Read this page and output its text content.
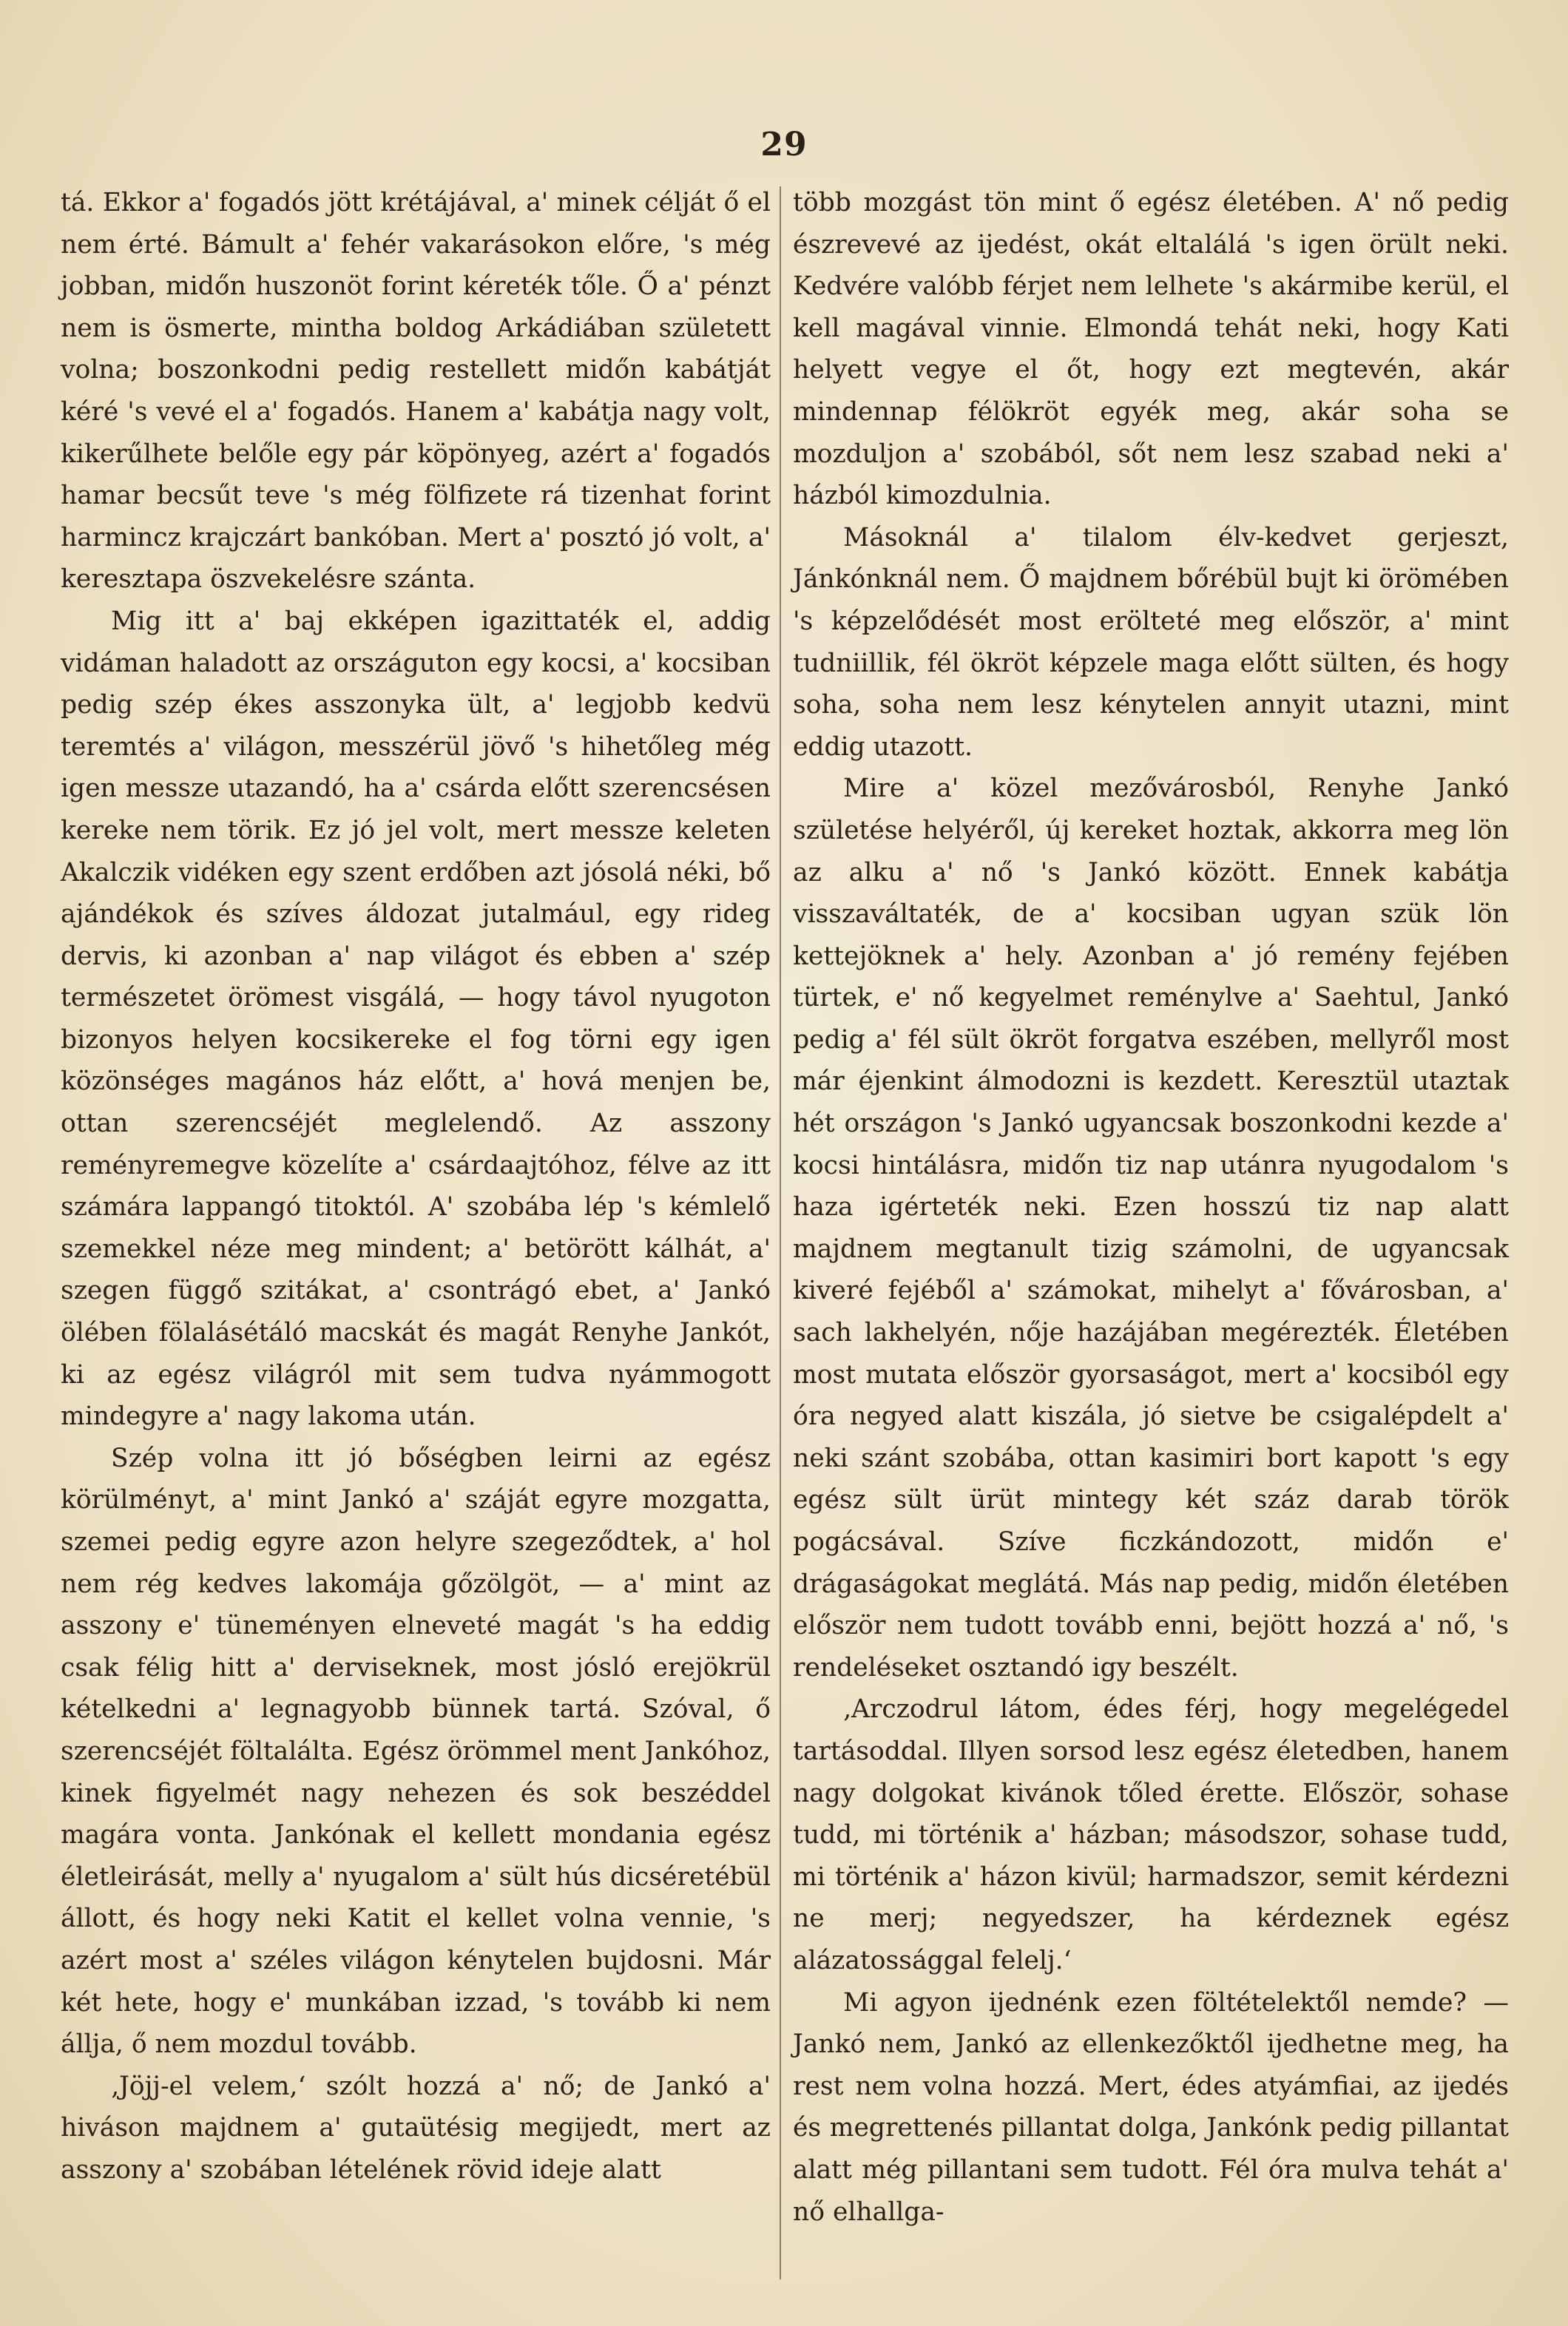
29

tá. Ekkor a' fogadós jött krétájával, a' minek célját ő el nem érté. Bámult a' fehér vakarásokon előre, 's még jobban, midőn huszonöt forint kéreték tőle. Ő a' pénzt nem is ösmerte, mintha boldog Arkádiában született volna; boszonkodni pedig restellett midőn kabátját kéré 's vevé el a' fogadós. Hanem a' kabátja nagy volt, kikerűlhete belőle egy pár köpönyeg, azért a' fogadós hamar becsűt teve 's még fölfizete rá tizenhat forint harmincz krajczárt bankóban. Mert a' posztó jó volt, a' keresztapa öszvekelésre szánta.

Mig itt a' baj ekképen igazittaték el, addig vidáman haladott az országuton egy kocsi, a' kocsiban pedig szép ékes asszonyka ült, a' legjobb kedvü teremtés a' világon, messzérül jövő 's hihetőleg még igen messze utazandó, ha a' csárda előtt szerencsésen kereke nem törik. Ez jó jel volt, mert messze keleten Akalczik vidéken egy szent erdőben azt jósolá néki, bő ajándékok és szíves áldozat jutalmául, egy rideg dervis, ki azonban a' nap világot és ebben a' szép természetet örömest visgálá, — hogy távol nyugoton bizonyos helyen kocsikereke el fog törni egy igen közönséges magános ház előtt, a' hová menjen be, ottan szerencséjét meglelendő. Az asszony reményremegve közelíte a' csárdaajtóhoz, félve az itt számára lappangó titoktól. A' szobába lép 's kémlelő szemekkel néze meg mindent; a' betörött kálhát, a' szegen függő szitákat, a' csontrágó ebet, a' Jankó ölében fölalásétáló macskát és magát Renyhe Jankót, ki az egész világról mit sem tudva nyámmogott mindegyre a' nagy lakoma után.

Szép volna itt jó bőségben leirni az egész körülményt, a' mint Jankó a' száját egyre mozgatta, szemei pedig egyre azon helyre szegeződtek, a' hol nem rég kedves lakomája gőzölgöt, — a' mint az asszony e' tüneményen elneveté magát 's ha eddig csak félig hitt a' derviseknek, most jósló erejökrül kételkedni a' legnagyobb bünnek tartá. Szóval, ő szerencséjét föltalálta. Egész örömmel ment Jankóhoz, kinek figyelmét nagy nehezen és sok beszéddel magára vonta. Jankónak el kellett mondania egész életleirását, melly a' nyugalom a' sült hús dicséretébül állott, és hogy neki Katit el kellet volna vennie, 's azért most a' széles világon kénytelen bujdosni. Már két hete, hogy e' munkában izzad, 's tovább ki nem állja, ő nem mozdul tovább.

‚Jöjj-el velem,‘ szólt hozzá a' nő; de Jankó a' hiváson majdnem a' gutaütésig megijedt, mert az asszony a' szobában lételének rövid ideje alatt

több mozgást tön mint ő egész életében. A' nő pedig észrevevé az ijedést, okát eltalálá 's igen örült neki. Kedvére valóbb férjet nem lelhete 's akármibe kerül, el kell magával vinnie. Elmondá tehát neki, hogy Kati helyett vegye el őt, hogy ezt megtevén, akár mindennap félökröt egyék meg, akár soha se mozduljon a' szobából, sőt nem lesz szabad neki a' házból kimozdulnia.

Másoknál a' tilalom élv-kedvet gerjeszt, Jánkónknál nem. Ő majdnem bőrébül bujt ki örömében 's képzelődését most erölteté meg először, a' mint tudniillik, fél ökröt képzele maga előtt sülten, és hogy soha, soha nem lesz kénytelen annyit utazni, mint eddig utazott.

Mire a' közel mezővárosból, Renyhe Jankó születése helyéről, új kereket hoztak, akkorra meg lön az alku a' nő 's Jankó között. Ennek kabátja visszaváltaték, de a' kocsiban ugyan szük lön kettejöknek a' hely. Azonban a' jó remény fejében türtek, e' nő kegyelmet reménylve a' Saehtul, Jankó pedig a' fél sült ökröt forgatva eszében, mellyről most már éjenkint álmodozni is kezdett. Keresztül utaztak hét országon 's Jankó ugyancsak boszonkodni kezde a' kocsi hintálásra, midőn tiz nap utánra nyugodalom 's haza igérteték neki. Ezen hosszú tiz nap alatt majdnem megtanult tizig számolni, de ugyancsak kiveré fejéből a' számokat, mihelyt a' fővárosban, a' sach lakhelyén, nője hazájában megérezték. Életében most mutata először gyorsaságot, mert a' kocsiból egy óra negyed alatt kiszála, jó sietve be csigalépdelt a' neki szánt szobába, ottan kasimiri bort kapott 's egy egész sült ürüt mintegy két száz darab török pogácsával. Szíve ficzkándozott, midőn e' drágaságokat meglátá. Más nap pedig, midőn életében először nem tudott tovább enni, bejött hozzá a' nő, 's rendeléseket osztandó igy beszélt.

‚Arczodrul látom, édes férj, hogy megelégedel tartásoddal. Illyen sorsod lesz egész életedben, hanem nagy dolgokat kivánok tőled érette. Először, sohase tudd, mi történik a' házban; másodszor, sohase tudd, mi történik a' házon kivül; harmadszor, semit kérdezni ne merj; negyedszer, ha kérdeznek egész alázatossággal felelj.‘

Mi agyon ijednénk ezen föltételektől nemde? — Jankó nem, Jankó az ellenkezőktől ijedhetne meg, ha rest nem volna hozzá. Mert, édes atyámfiai, az ijedés és megrettenés pillantat dolga, Jankónk pedig pillantat alatt még pillantani sem tudott. Fél óra mulva tehát a' nő elhallga-
